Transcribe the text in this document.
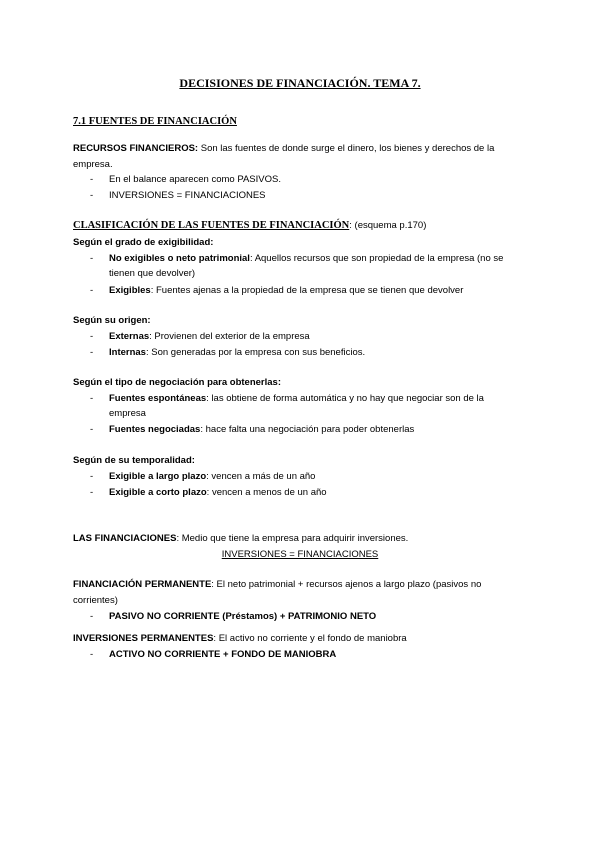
DECISIONES DE FINANCIACIÓN. TEMA 7.
7.1 FUENTES DE FINANCIACIÓN
RECURSOS FINANCIEROS: Son las fuentes de donde surge el dinero, los bienes y derechos de la
empresa.
- En el balance aparecen como PASIVOS.
- INVERSIONES = FINANCIACIONES
CLASIFICACIÓN DE LAS FUENTES DE FINANCIACIÓN: (esquema p.170)
Según el grado de exigibilidad:
- No exigibles o neto patrimonial: Aquellos recursos que son propiedad de la empresa (no se
tienen que devolver)
- Exigibles: Fuentes ajenas a la propiedad de la empresa que se tienen que devolver
Según su origen:
- Externas: Provienen del exterior de la empresa
- Internas: Son generadas por la empresa con sus beneficios.
Según el tipo de negociación para obtenerlas:
- Fuentes espontáneas: las obtiene de forma automática y no hay que negociar son de la
empresa
- Fuentes negociadas: hace falta una negociación para poder obtenerlas
Según de su temporalidad:
- Exigible a largo plazo: vencen a más de un año
- Exigible a corto plazo: vencen a menos de un año
LAS FINANCIACIONES: Medio que tiene la empresa para adquirir inversiones.
INVERSIONES = FINANCIACIONES
FINANCIACIÓN PERMANENTE: El neto patrimonial + recursos ajenos a largo plazo (pasivos no
corrientes)
- PASIVO NO CORRIENTE (Préstamos) + PATRIMONIO NETO
INVERSIONES PERMANENTES: El activo no corriente y el fondo de maniobra
- ACTIVO NO CORRIENTE + FONDO DE MANIOBRA
